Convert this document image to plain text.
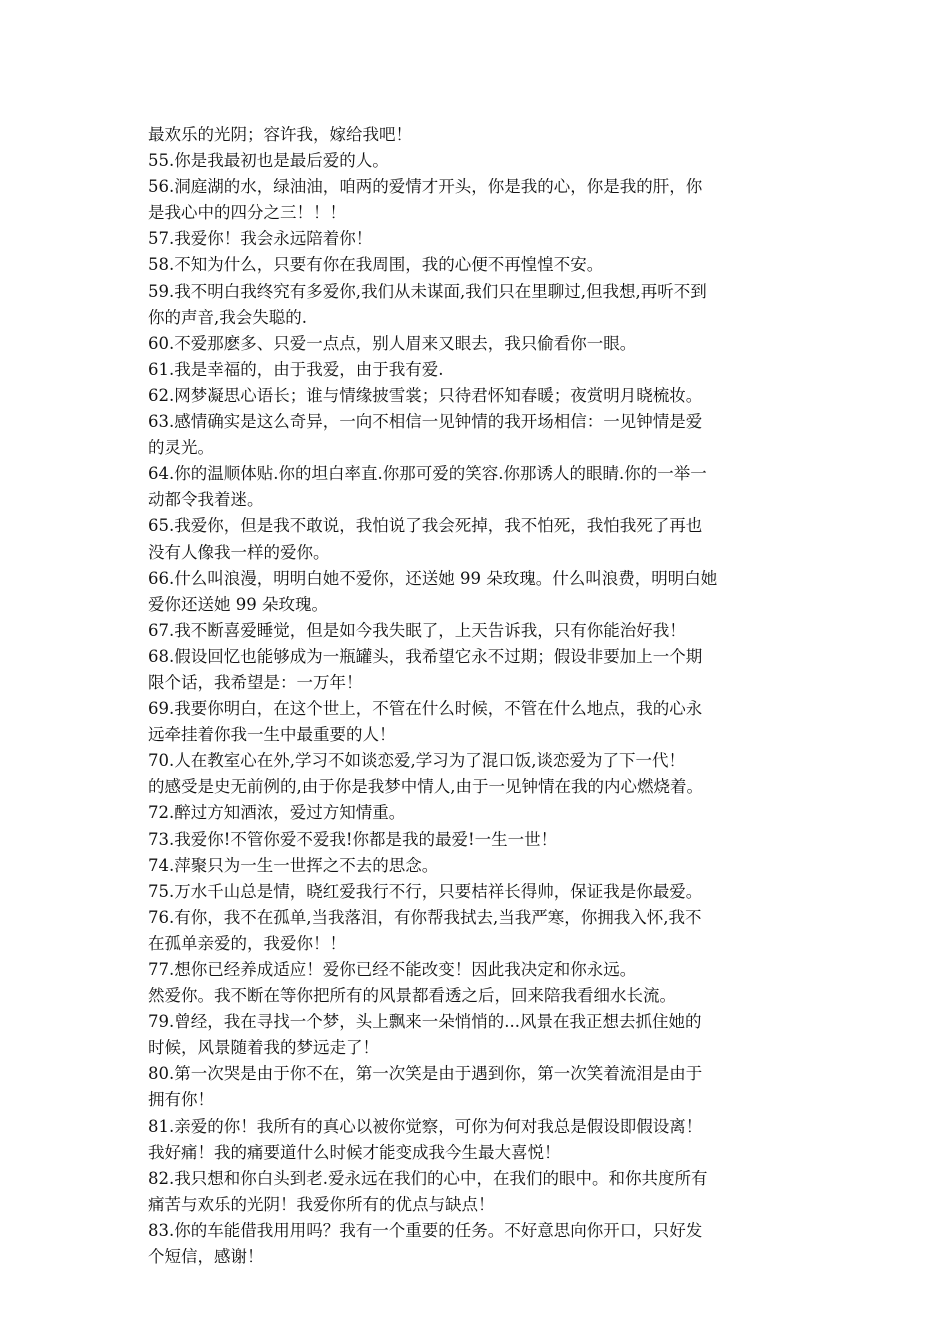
最欢乐的光阴；容许我，嫁给我吧！
55.你是我最初也是最后爱的人。
56.洞庭湖的水，绿油油，咱两的爱情才开头，你是我的心，你是我的肝，你
是我心中的四分之三！！！
57.我爱你！我会永远陪着你！
58.不知为什么，只要有你在我周围，我的心便不再惶惶不安。
59.我不明白我终究有多爱你,我们从未谋面,我们只在里聊过,但我想,再听不到
你的声音,我会失聪的.
60.不爱那麽多、只爱一点点，别人眉来又眼去，我只偷看你一眼。
61.我是幸福的，由于我爱，由于我有爱.
62.网梦凝思心语长；谁与情缘披雪裳；只待君怀知春暖；夜赏明月晓梳妆。
63.感情确实是这么奇异，一向不相信一见钟情的我开场相信：一见钟情是爱
的灵光。
64.你的温顺体贴.你的坦白率直.你那可爱的笑容.你那诱人的眼睛.你的一举一
动都令我着迷。
65.我爱你，但是我不敢说，我怕说了我会死掉，我不怕死，我怕我死了再也
没有人像我一样的爱你。
66.什么叫浪漫，明明白她不爱你，还送她 99 朵玫瑰。什么叫浪费，明明白她
爱你还送她 99 朵玫瑰。
67.我不断喜爱睡觉，但是如今我失眠了，上天告诉我，只有你能治好我！
68.假设回忆也能够成为一瓶罐头，我希望它永不过期；假设非要加上一个期
限个话，我希望是：一万年！
69.我要你明白，在这个世上，不管在什么时候，不管在什么地点，我的心永
远牵挂着你我一生中最重要的人！
70.人在教室心在外,学习不如谈恋爱,学习为了混口饭,谈恋爱为了下一代！
的感受是史无前例的,由于你是我梦中情人,由于一见钟情在我的内心燃烧着。
72.醉过方知酒浓，爱过方知情重。
73.我爱你!不管你爱不爱我!你都是我的最爱!一生一世！
74.萍聚只为一生一世挥之不去的思念。
75.万水千山总是情，晓红爱我行不行，只要桔祥长得帅，保证我是你最爱。
76.有你，我不在孤单,当我落泪，有你帮我拭去,当我严寒，你拥我入怀,我不
在孤单亲爱的，我爱你！！
77.想你已经养成适应！爱你已经不能改变！因此我决定和你永远。
然爱你。我不断在等你把所有的风景都看透之后，回来陪我看细水长流。
79.曾经，我在寻找一个梦，头上飘来一朵悄悄的...风景在我正想去抓住她的
时候，风景随着我的梦远走了！
80.第一次哭是由于你不在，第一次笑是由于遇到你，第一次笑着流泪是由于
拥有你！
81.亲爱的你！我所有的真心以被你觉察，可你为何对我总是假设即假设离！
我好痛！我的痛要道什么时候才能变成我今生最大喜悦！
82.我只想和你白头到老.爱永远在我们的心中，在我们的眼中。和你共度所有
痛苦与欢乐的光阴！我爱你所有的优点与缺点！
83.你的车能借我用用吗？我有一个重要的任务。不好意思向你开口，只好发
个短信，感谢！
